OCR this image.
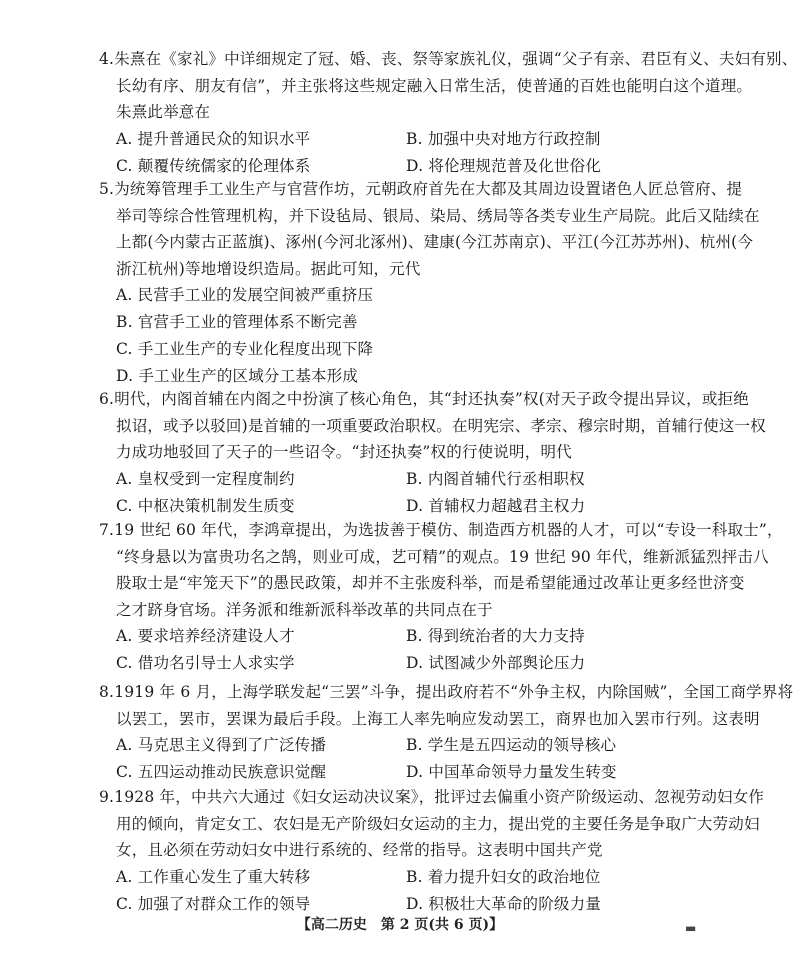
4.朱熹在《家礼》中详细规定了冠、婚、丧、祭等家族礼仪，强调“父子有亲、君臣有义、夫妇有别、
长幼有序、朋友有信”，并主张将这些规定融入日常生活，使普通的百姓也能明白这个道理。
朱熹此举意在
A. 提升普通民众的知识水平	B. 加强中央对地方行政控制
C. 颠覆传统儒家的伦理体系	D. 将伦理规范普及化世俗化
5.为统筹管理手工业生产与官营作坊，元朝政府首先在大都及其周边设置诸色人匠总管府、提
举司等综合性管理机构，并下设毡局、银局、染局、绣局等各类专业生产局院。此后又陆续在
上都(今内蒙古正蓝旗)、涿州(今河北涿州)、建康(今江苏南京)、平江(今江苏苏州)、杭州(今
浙江杭州)等地增设织造局。据此可知，元代
A. 民营手工业的发展空间被严重挤压
B. 官营手工业的管理体系不断完善
C. 手工业生产的专业化程度出现下降
D. 手工业生产的区域分工基本形成
6.明代，内阁首辅在内阁之中扮演了核心角色，其“封还执奏”权(对天子政令提出异议，或拒绝
拟诏，或予以驳回)是首辅的一项重要政治职权。在明宪宗、孝宗、穆宗时期，首辅行使这一权
力成功地驳回了天子的一些诏令。“封还执奏”权的行使说明，明代
A. 皇权受到一定程度制约	B. 内阁首辅代行丞相职权
C. 中枢决策机制发生质变	D. 首辅权力超越君主权力
7.19 世纪 60 年代，李鸿章提出，为选拔善于模仿、制造西方机器的人才，可以“专设一科取士”，
“终身悬以为富贵功名之鹄，则业可成，艺可精”的观点。19 世纪 90 年代，维新派猛烈抨击八
股取士是“牢笼天下”的愚民政策，却并不主张废科举，而是希望能通过改革让更多经世济变
之才跻身官场。洋务派和维新派科举改革的共同点在于
A. 要求培养经济建设人才	B. 得到统治者的大力支持
C. 借功名引导士人求实学	D. 试图减少外部舆论压力
8.1919 年 6 月，上海学联发起“三罢”斗争，提出政府若不“外争主权，内除国贼”，全国工商学界将
以罢工，罢市，罢课为最后手段。上海工人率先响应发动罢工，商界也加入罢市行列。这表明
A. 马克思主义得到了广泛传播	B. 学生是五四运动的领导核心
C. 五四运动推动民族意识觉醒	D. 中国革命领导力量发生转变
9.1928 年，中共六大通过《妇女运动决议案》，批评过去偏重小资产阶级运动、忽视劳动妇女作
用的倾向，肯定女工、农妇是无产阶级妇女运动的主力，提出党的主要任务是争取广大劳动妇
女，且必须在劳动妇女中进行系统的、经常的指导。这表明中国共产党
A. 工作重心发生了重大转移	B. 着力提升妇女的政治地位
C. 加强了对群众工作的领导	D. 积极壮大革命的阶级力量
【高二历史　第 2 页(共 6 页)】	▬
